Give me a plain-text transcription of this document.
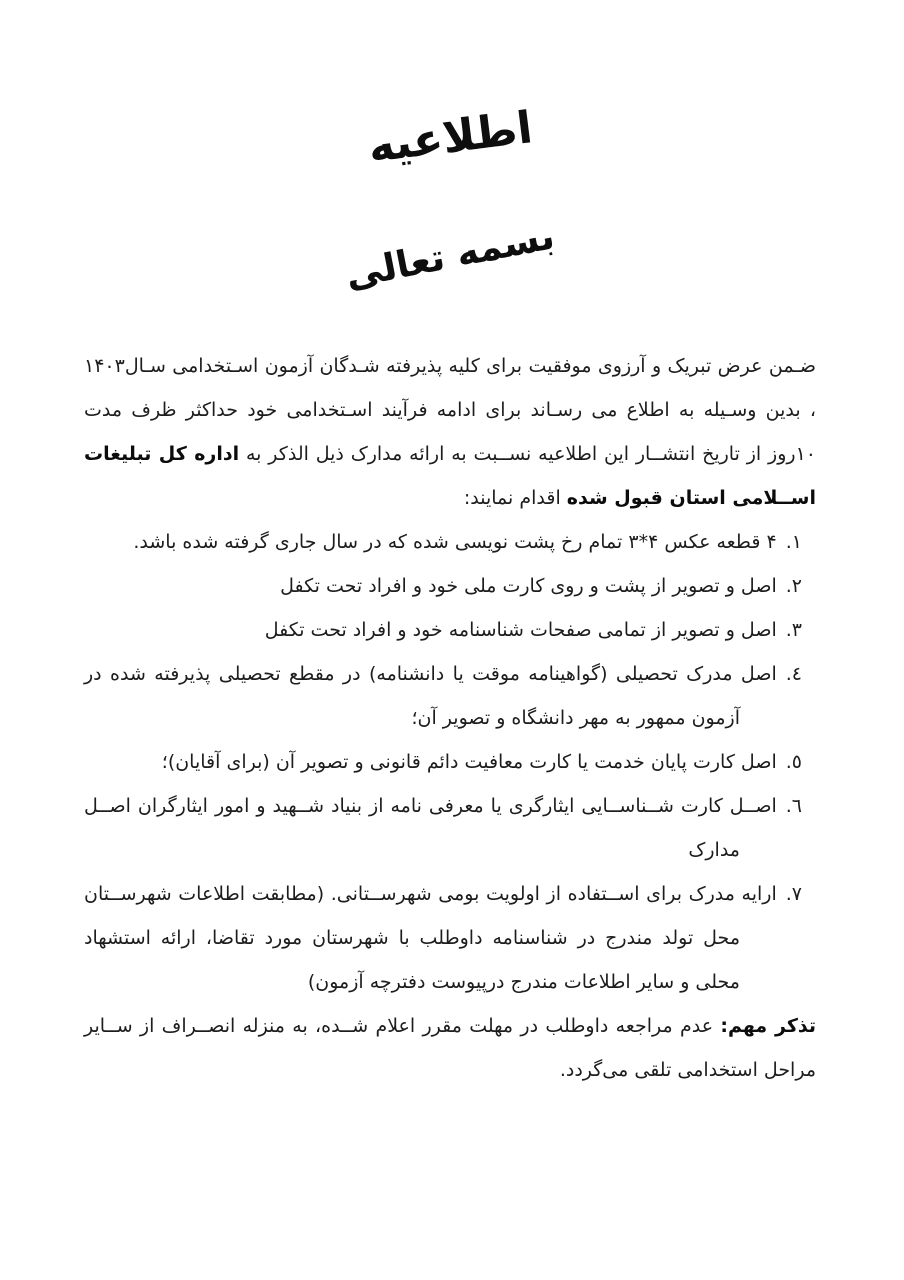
اطلاعیه
بسمه تعالی

ضـمن عرض تبریک و آرزوی موفقیت برای کلیه پذیرفته شـدگان آزمون اسـتخدامی سـال۱۴۰۳ ، بدین وسـیله به اطلاع می رسـاند برای ادامه فرآیند اسـتخدامی خود حداکثر ظرف مدت ۱۰روز از تاریخ انتشــار این اطلاعیه نســبت به ارائه مدارک ذیل الذکر به اداره کل تبلیغات اســلامی استان قبول شده اقدام نمایند:

۱.۴ قطعه عکس ۴*۳ تمام رخ پشت نویسی شده که در سال جاری گرفته شده باشد.

۲.اصل و تصویر از پشت و روی کارت ملی خود و افراد تحت تکفل

۳.اصل و تصویر از تمامی صفحات شناسنامه خود و افراد تحت تکفل

٤.اصل مدرک تحصیلی (گواهینامه موقت یا دانشنامه) در مقطع تحصیلی پذیرفته شده در آزمون ممهور به مهر دانشگاه و تصویر آن؛

٥.اصل کارت پایان خدمت یا کارت معافیت دائم قانونی و تصویر آن (برای آقایان)؛

٦.اصــل کارت شــناســایی ایثارگری یا معرفی نامه از بنیاد شــهید و امور ایثارگران اصــل مدارک

٧.ارایه مدرک برای اســتفاده از اولویت بومی شهرســتانی. (مطابقت اطلاعات شهرســتان محل تولد مندرج در شناسنامه داوطلب با شهرستان مورد تقاضا، ارائه استشهاد محلی و سایر اطلاعات مندرج درپیوست دفترچه آزمون)

تذکر مهم: عدم مراجعه داوطلب در مهلت مقرر اعلام شــده، به منزله انصــراف از ســایر مراحل استخدامی تلقی می‌گردد.
